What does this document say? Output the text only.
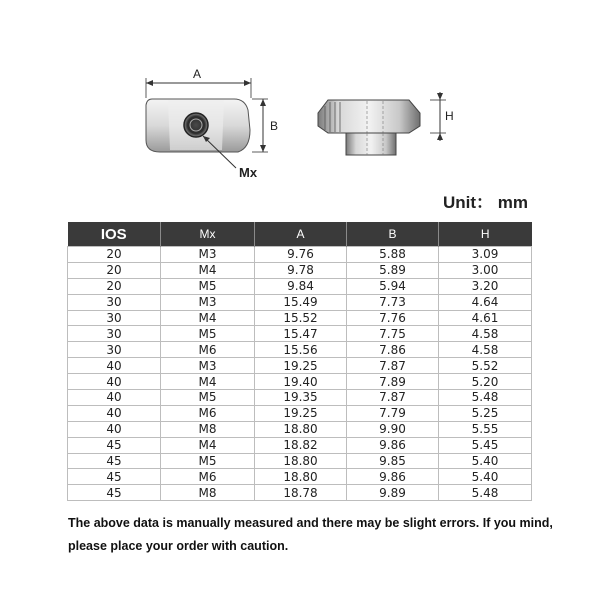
A
B
Mx
H
Unit： mm
IOS	Mx	A	B	H
20	M3	9.76	5.88	3.09
20	M4	9.78	5.89	3.00
20	M5	9.84	5.94	3.20
30	M3	15.49	7.73	4.64
30	M4	15.52	7.76	4.61
30	M5	15.47	7.75	4.58
30	M6	15.56	7.86	4.58
40	M3	19.25	7.87	5.52
40	M4	19.40	7.89	5.20
40	M5	19.35	7.87	5.48
40	M6	19.25	7.79	5.25
40	M8	18.80	9.90	5.55
45	M4	18.82	9.86	5.45
45	M5	18.80	9.85	5.40
45	M6	18.80	9.86	5.40
45	M8	18.78	9.89	5.48
The above data is manually measured and there may be slight errors. If you mind,
please place your order with caution.
